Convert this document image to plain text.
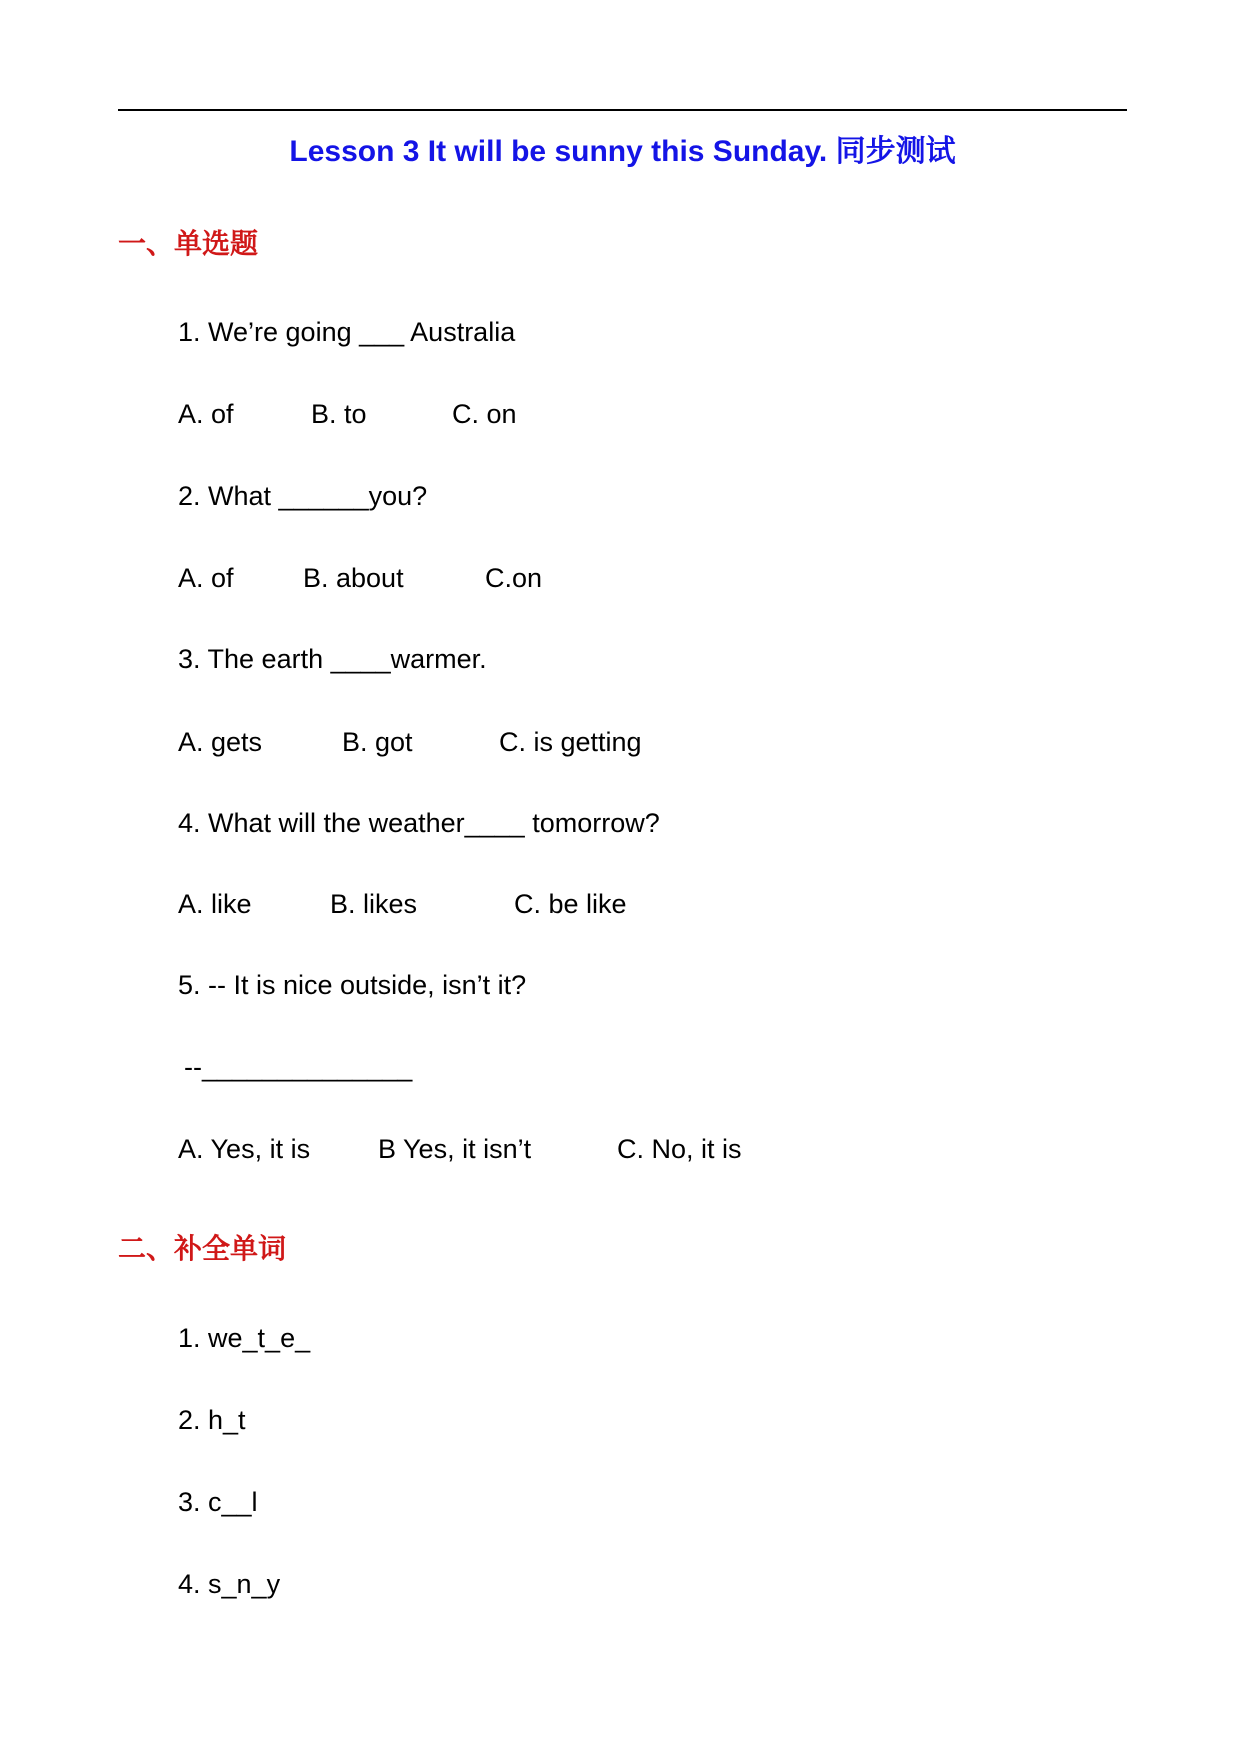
Lesson 3 It will be sunny this Sunday. 同步测试
一、单选题
1. We’re going ___ Australia
A. of	B. to	C. on
2. What ______you?
A. of	B. about	C.on
3. The earth ____warmer.
A. gets	B. got	C. is getting
4. What will the weather____ tomorrow?
A. like	B. likes	C. be like
5. -- It is nice outside, isn’t it?
--______________
A. Yes, it is	B Yes, it isn’t	C. No, it is
二、补全单词
1. we_t_e_
2. h_t
3. c__l
4. s_n_y
